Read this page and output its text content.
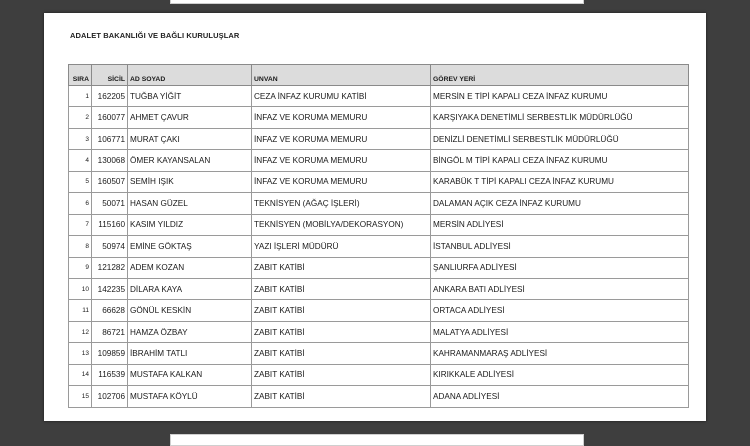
ADALET BAKANLIĞI VE BAĞLI KURULUŞLAR
SIRA	SİCİL	AD SOYAD	UNVAN	GÖREV YERİ
1	162205	TUĞBA YİĞİT	CEZA İNFAZ KURUMU KATİBİ	MERSİN E TİPİ KAPALI CEZA İNFAZ KURUMU
2	160077	AHMET ÇAVUR	İNFAZ VE KORUMA MEMURU	KARŞIYAKA DENETİMLİ SERBESTLİK MÜDÜRLÜĞÜ
3	106771	MURAT ÇAKI	İNFAZ VE KORUMA MEMURU	DENİZLİ DENETİMLİ SERBESTLİK MÜDÜRLÜĞÜ
4	130068	ÖMER KAYANSALAN	İNFAZ VE KORUMA MEMURU	BİNGÖL M TİPİ KAPALI CEZA İNFAZ KURUMU
5	160507	SEMİH IŞIK	İNFAZ VE KORUMA MEMURU	KARABÜK T TİPİ KAPALI CEZA İNFAZ KURUMU
6	50071	HASAN GÜZEL	TEKNİSYEN (AĞAÇ İŞLERİ)	DALAMAN AÇIK CEZA İNFAZ KURUMU
7	115160	KASIM YILDIZ	TEKNİSYEN (MOBİLYA/DEKORASYON)	MERSİN ADLİYESİ
8	50974	EMİNE GÖKTAŞ	YAZI İŞLERİ MÜDÜRÜ	İSTANBUL ADLİYESİ
9	121282	ADEM KOZAN	ZABIT KATİBİ	ŞANLIURFA ADLİYESİ
10	142235	DİLARA KAYA	ZABIT KATİBİ	ANKARA BATI ADLİYESİ
11	66628	GÖNÜL KESKİN	ZABIT KATİBİ	ORTACA ADLİYESİ
12	86721	HAMZA ÖZBAY	ZABIT KATİBİ	MALATYA ADLİYESİ
13	109859	İBRAHİM TATLI	ZABIT KATİBİ	KAHRAMANMARAŞ ADLİYESİ
14	116539	MUSTAFA KALKAN	ZABIT KATİBİ	KIRIKKALE ADLİYESİ
15	102706	MUSTAFA KÖYLÜ	ZABIT KATİBİ	ADANA ADLİYESİ
